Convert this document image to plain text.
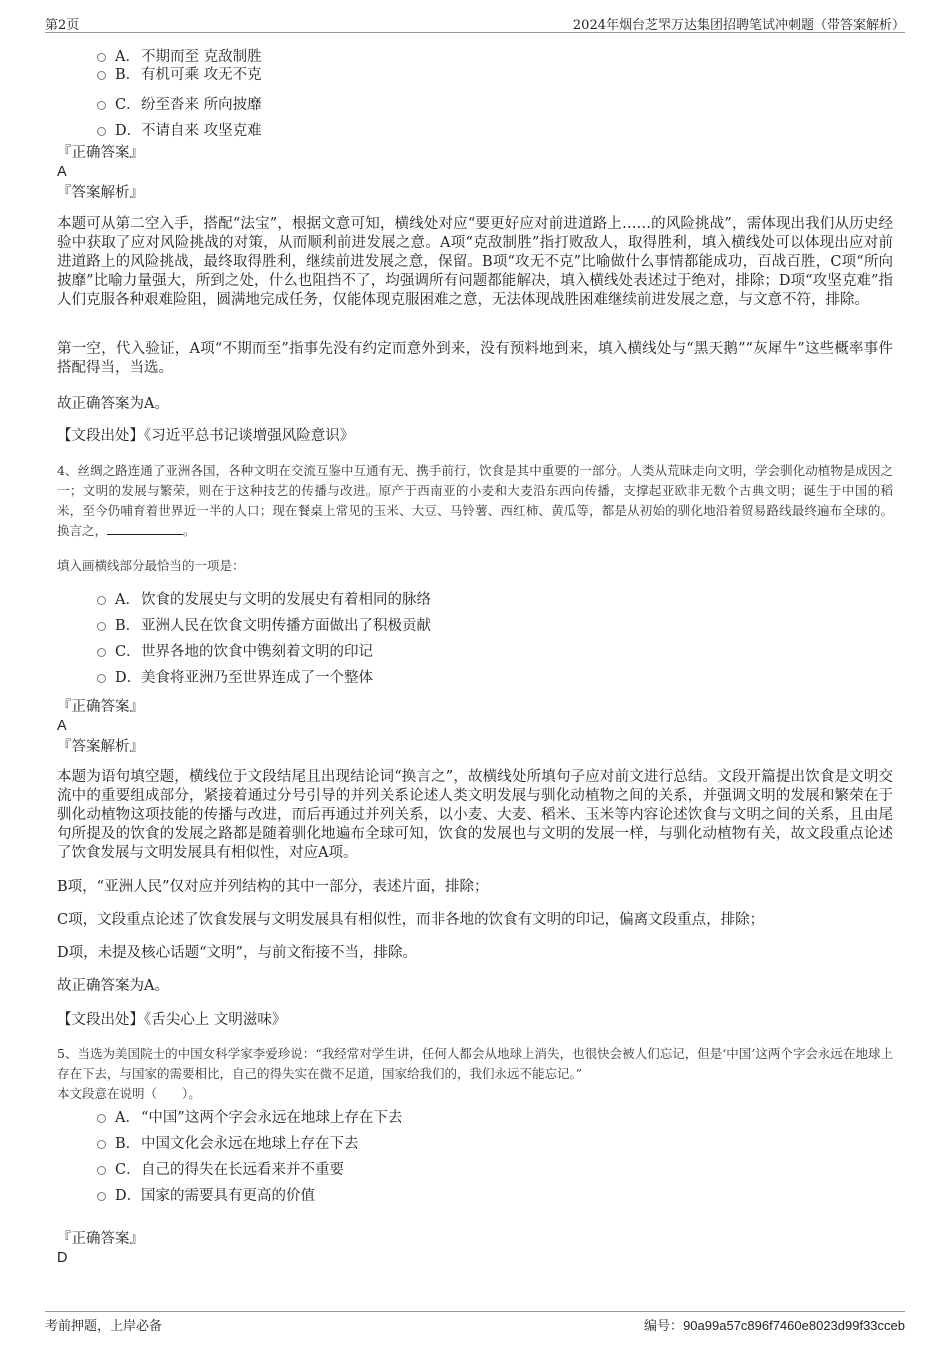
第2页	2024年烟台芝罘万达集团招聘笔试冲刺题（带答案解析）
A． 不期而至 克敌制胜
B． 有机可乘 攻无不克
C． 纷至沓来 所向披靡
D． 不请自来 攻坚克难
『正确答案』
A
『答案解析』

本题可从第二空入手，搭配“法宝”，根据文意可知，横线处对应“要更好应对前进道路上……的风险挑战”，需体现出我们从历史经验中获取了应对风险挑战的对策，从而顺利前进发展之意。A项“克敌制胜”指打败敌人，取得胜利，填入横线处可以体现出应对前进道路上的风险挑战，最终取得胜利，继续前进发展之意，保留。B项“攻无不克”比喻做什么事情都能成功，百战百胜，C项“所向披靡”比喻力量强大，所到之处，什么也阻挡不了，均强调所有问题都能解决，填入横线处表述过于绝对，排除；D项“攻坚克难”指人们克服各种艰难险阻，圆满地完成任务，仅能体现克服困难之意，无法体现战胜困难继续前进发展之意，与文意不符，排除。

第一空，代入验证，A项“不期而至”指事先没有约定而意外到来，没有预料地到来，填入横线处与“黑天鹅”“灰犀牛”这些概率事件搭配得当，当选。

故正确答案为A。

【文段出处】《习近平总书记谈增强风险意识》

4、丝绸之路连通了亚洲各国，各种文明在交流互鉴中互通有无、携手前行，饮食是其中重要的一部分。人类从荒昧走向文明，学会驯化动植物是成因之一；文明的发展与繁荣，则在于这种技艺的传播与改进。原产于西南亚的小麦和大麦沿东西向传播，支撑起亚欧非无数个古典文明；诞生于中国的稻米，至今仍哺育着世界近一半的人口；现在餐桌上常见的玉米、大豆、马铃薯、西红柿、黄瓜等，都是从初始的驯化地沿着贸易路线最终遍布全球的。换言之，	。

填入画横线部分最恰当的一项是：
A． 饮食的发展史与文明的发展史有着相同的脉络
B． 亚洲人民在饮食文明传播方面做出了积极贡献
C． 世界各地的饮食中镌刻着文明的印记
D． 美食将亚洲乃至世界连成了一个整体
『正确答案』
A
『答案解析』

本题为语句填空题，横线位于文段结尾且出现结论词“换言之”，故横线处所填句子应对前文进行总结。文段开篇提出饮食是文明交流中的重要组成部分，紧接着通过分号引导的并列关系论述人类文明发展与驯化动植物之间的关系，并强调文明的发展和繁荣在于驯化动植物这项技能的传播与改进，而后再通过并列关系，以小麦、大麦、稻米、玉米等内容论述饮食与文明之间的关系，且由尾句所提及的饮食的发展之路都是随着驯化地遍布全球可知，饮食的发展也与文明的发展一样，与驯化动植物有关，故文段重点论述了饮食发展与文明发展具有相似性，对应A项。

B项，“亚洲人民”仅对应并列结构的其中一部分，表述片面，排除；

C项，文段重点论述了饮食发展与文明发展具有相似性，而非各地的饮食有文明的印记，偏离文段重点，排除；

D项，未提及核心话题“文明”，与前文衔接不当，排除。

故正确答案为A。

【文段出处】《舌尖心上 文明滋味》

5、当选为美国院士的中国女科学家李爱珍说：“我经常对学生讲，任何人都会从地球上消失，也很快会被人们忘记，但是‘中国’这两个字会永远在地球上存在下去，与国家的需要相比，自己的得失实在微不足道，国家给我们的，我们永远不能忘记。”

本文段意在说明（　　）。
A． “中国”这两个字会永远在地球上存在下去
B． 中国文化会永远在地球上存在下去
C． 自己的得失在长远看来并不重要
D． 国家的需要具有更高的价值
『正确答案』
D
考前押题，上岸必备	编号：90a99a57c896f7460e8023d99f33cceb
